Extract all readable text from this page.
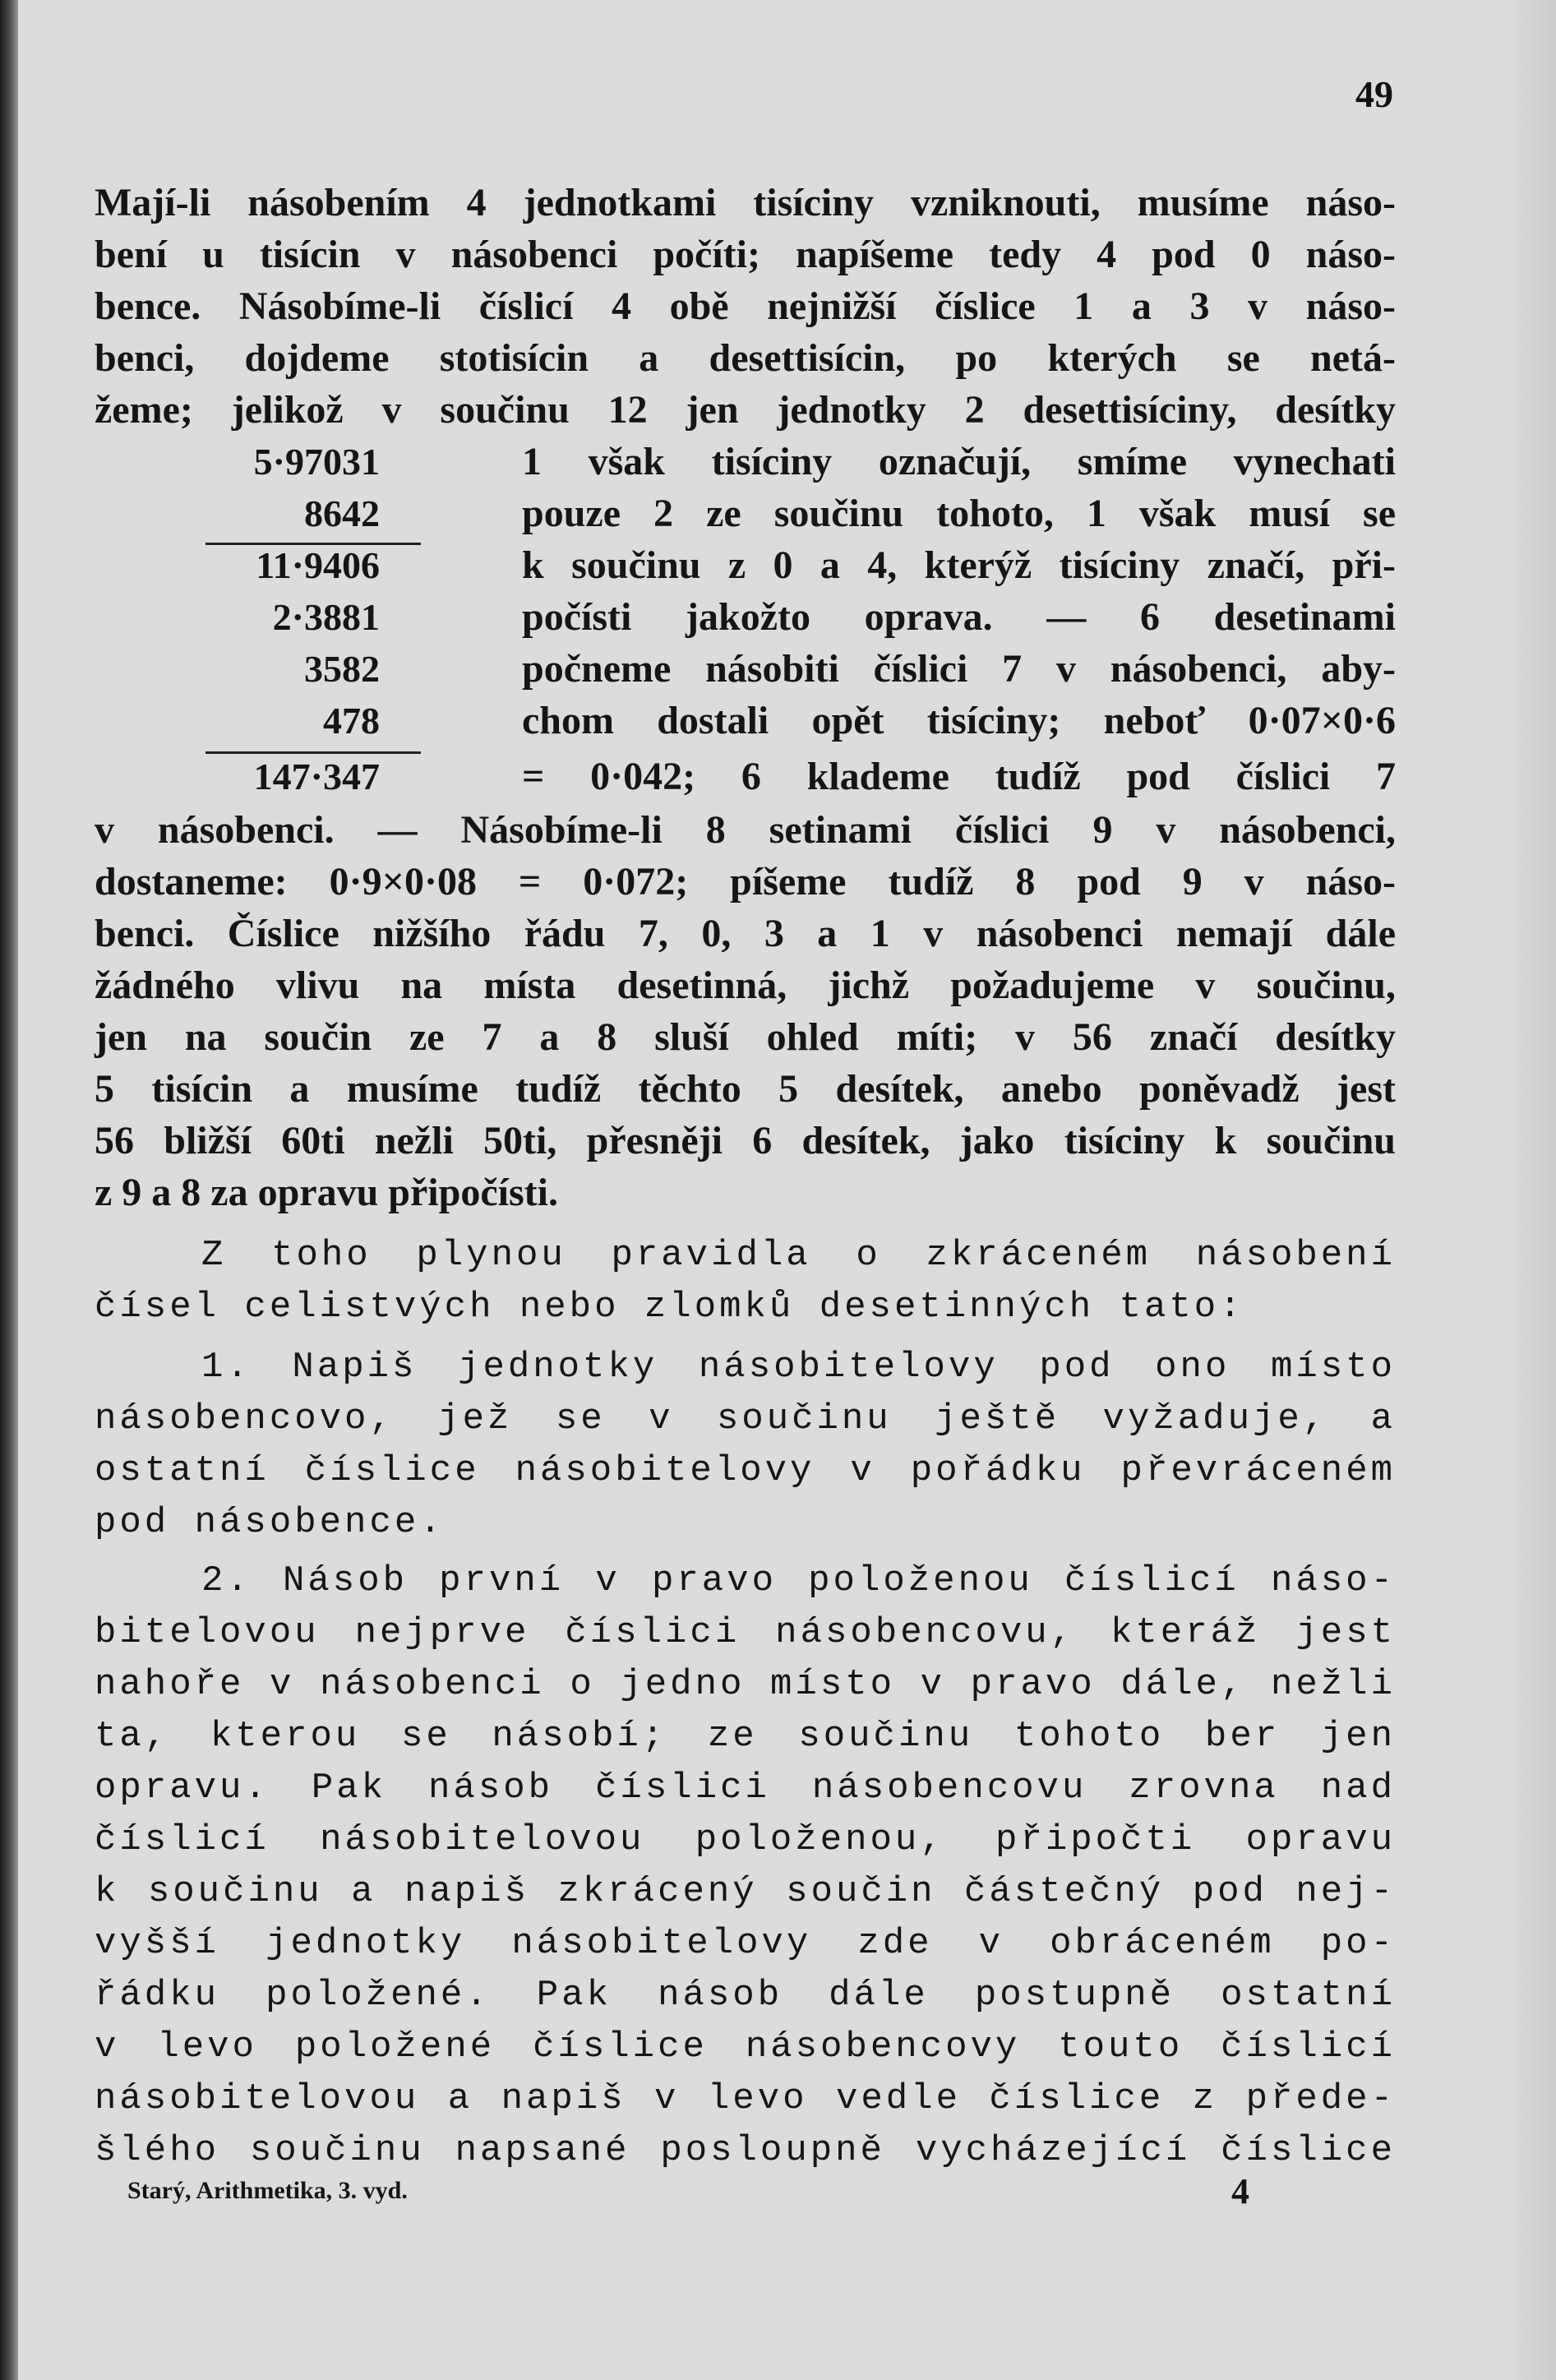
49
Mají-li násobením 4 jednotkami tisíciny vzniknouti, musíme náso-
bení u tisícin v násobenci počíti; napíšeme tedy 4 pod 0 náso-
bence. Násobíme-li číslicí 4 obě nejnižší číslice 1 a 3 v náso-
benci, dojdeme stotisícin a desettisícin, po kterých se netá-
žeme; jelikož v součinu 12 jen jednotky 2 desettisíciny, desítky
5·97031
8642
11·9406
2·3881
3582
478
147·347
1 však tisíciny označují, smíme vynechati
pouze 2 ze součinu tohoto, 1 však musí se
k součinu z 0 a 4, kterýž tisíciny značí, při-
počísti jakožto oprava. — 6 desetinami
počneme násobiti číslici 7 v násobenci, aby-
chom dostali opět tisíciny; neboť 0·07×0·6
= 0·042; 6 klademe tudíž pod číslici 7
v násobenci. — Násobíme-li 8 setinami číslici 9 v násobenci,
dostaneme: 0·9×0·08 = 0·072; píšeme tudíž 8 pod 9 v náso-
benci. Číslice nižšího řádu 7, 0, 3 a 1 v násobenci nemají dále
žádného vlivu na místa desetinná, jichž požadujeme v součinu,
jen na součin ze 7 a 8 sluší ohled míti; v 56 značí desítky
5 tisícin a musíme tudíž těchto 5 desítek, anebo poněvadž jest
56 bližší 60ti nežli 50ti, přesněji 6 desítek, jako tisíciny k součinu
z 9 a 8 za opravu připočísti.
Z toho plynou pravidla o zkráceném násobení
čísel celistvých nebo zlomků desetinných tato:
1. Napiš jednotky násobitelovy pod ono místo
násobencovo, jež se v součinu ještě vyžaduje, a
ostatní číslice násobitelovy v pořádku převráceném
pod násobence.
2. Násob první v pravo položenou číslicí náso-
bitelovou nejprve číslici násobencovu, kteráž jest
nahoře v násobenci o jedno místo v pravo dále, nežli
ta, kterou se násobí; ze součinu tohoto ber jen
opravu. Pak násob číslici násobencovu zrovna nad
číslicí násobitelovou položenou, připočti opravu
k součinu a napiš zkrácený součin částečný pod nej-
vyšší jednotky násobitelovy zde v obráceném po-
řádku položené. Pak násob dále postupně ostatní
v levo položené číslice násobencovy touto číslicí
násobitelovou a napiš v levo vedle číslice z přede-
šlého součinu napsané posloupně vycházející číslice
Starý, Arithmetika, 3. vyd.	4
